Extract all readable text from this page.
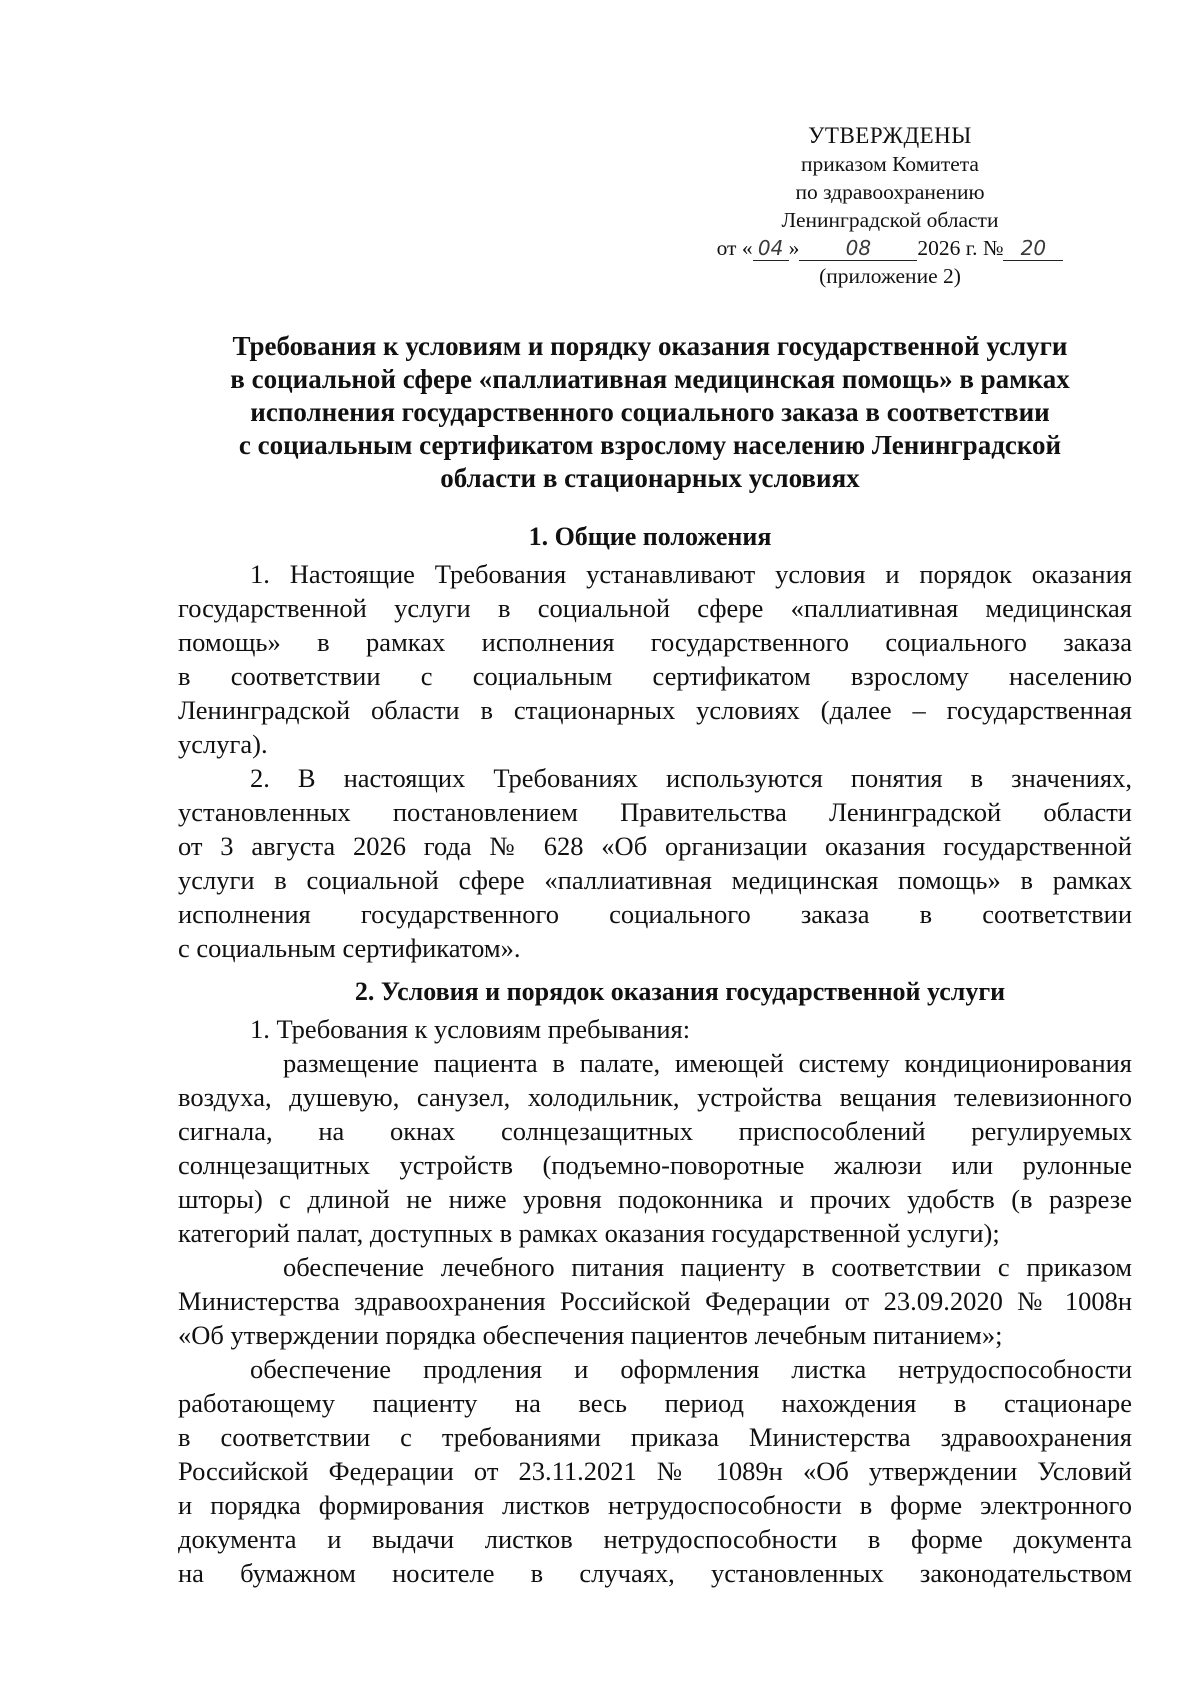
УТВЕРЖДЕНЫ
приказом Комитета
по здравоохранению
Ленинградской области
от « 04 » 08 2026 г. № 20
(приложение 2)
Требования к условиям и порядку оказания государственной услуги
в социальной сфере «паллиативная медицинская помощь» в рамках
исполнения государственного социального заказа в соответствии
с социальным сертификатом взрослому населению Ленинградской
области в стационарных условиях
1. Общие положения
1. Настоящие Требования устанавливают условия и порядок оказания
государственной услуги в социальной сфере «паллиативная медицинская
помощь» в рамках исполнения государственного социального заказа
в соответствии с социальным сертификатом взрослому населению
Ленинградской области в стационарных условиях (далее – государственная
услуга).
2. В настоящих Требованиях используются понятия в значениях,
установленных постановлением Правительства Ленинградской области
от 3 августа 2026 года № 628 «Об организации оказания государственной
услуги в социальной сфере «паллиативная медицинская помощь» в рамках
исполнения государственного социального заказа в соответствии
с социальным сертификатом».
2. Условия и порядок оказания государственной услуги
1. Требования к условиям пребывания:
размещение пациента в палате, имеющей систему кондиционирования
воздуха, душевую, санузел, холодильник, устройства вещания телевизионного
сигнала, на окнах солнцезащитных приспособлений регулируемых
солнцезащитных устройств (подъемно-поворотные жалюзи или рулонные
шторы) с длиной не ниже уровня подоконника и прочих удобств (в разрезе
категорий палат, доступных в рамках оказания государственной услуги);
обеспечение лечебного питания пациенту в соответствии с приказом
Министерства здравоохранения Российской Федерации от 23.09.2020 № 1008н
«Об утверждении порядка обеспечения пациентов лечебным питанием»;
обеспечение продления и оформления листка нетрудоспособности
работающему пациенту на весь период нахождения в стационаре
в соответствии с требованиями приказа Министерства здравоохранения
Российской Федерации от 23.11.2021 № 1089н «Об утверждении Условий
и порядка формирования листков нетрудоспособности в форме электронного
документа и выдачи листков нетрудоспособности в форме документа
на бумажном носителе в случаях, установленных законодательством
